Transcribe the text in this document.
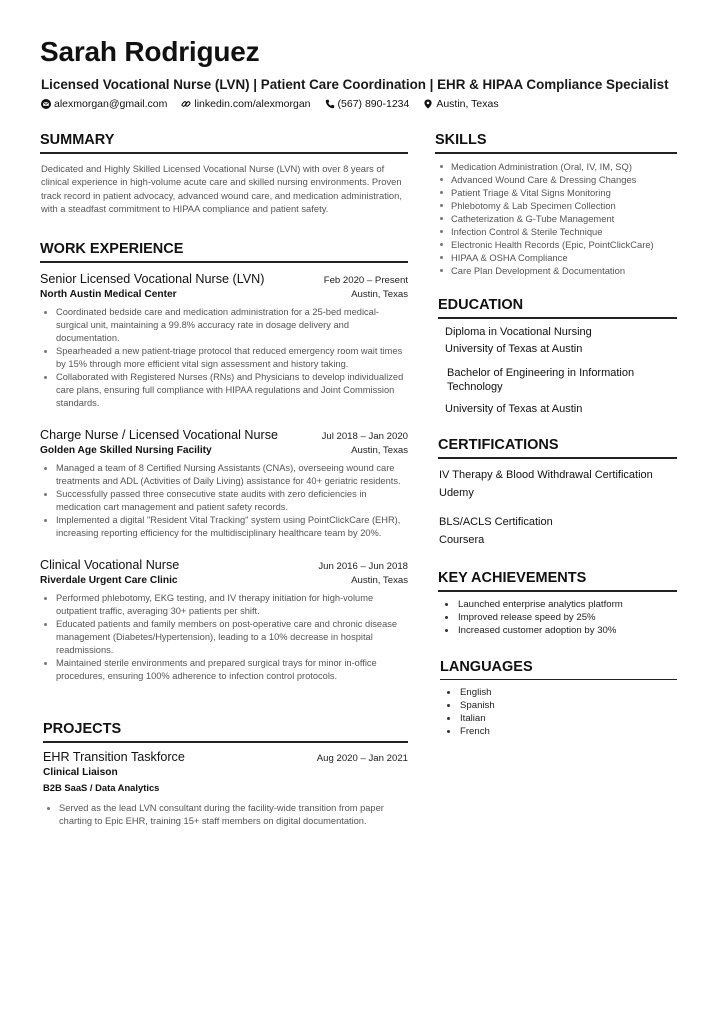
Sarah Rodriguez
Licensed Vocational Nurse (LVN) | Patient Care Coordination | EHR & HIPAA Compliance Specialist
alexmorgan@gmail.com	linkedin.com/alexmorgan	(567) 890-1234	Austin, Texas
SUMMARY

Dedicated and Highly Skilled Licensed Vocational Nurse (LVN) with over 8 years of clinical experience in high-volume acute care and skilled nursing environments. Proven track record in patient advocacy, advanced wound care, and medication administration, with a steadfast commitment to HIPAA compliance and patient safety.

WORK EXPERIENCE
Senior Licensed Vocational Nurse (LVN)	Feb 2020 – Present
North Austin Medical Center	Austin, Texas
Coordinated bedside care and medication administration for a 25-bed medical-surgical unit, maintaining a 99.8% accuracy rate in dosage delivery and documentation.
Spearheaded a new patient-triage protocol that reduced emergency room wait times by 15% through more efficient vital sign assessment and history taking.
Collaborated with Registered Nurses (RNs) and Physicians to develop individualized care plans, ensuring full compliance with HIPAA regulations and Joint Commission standards.
Charge Nurse / Licensed Vocational Nurse	Jul 2018 – Jan 2020
Golden Age Skilled Nursing Facility	Austin, Texas
Managed a team of 8 Certified Nursing Assistants (CNAs), overseeing wound care treatments and ADL (Activities of Daily Living) assistance for 40+ geriatric residents.
Successfully passed three consecutive state audits with zero deficiencies in medication cart management and patient safety records.
Implemented a digital "Resident Vital Tracking" system using PointClickCare (EHR), increasing reporting efficiency for the multidisciplinary healthcare team by 20%.
Clinical Vocational Nurse	Jun 2016 – Jun 2018
Riverdale Urgent Care Clinic	Austin, Texas
Performed phlebotomy, EKG testing, and IV therapy initiation for high-volume outpatient traffic, averaging 30+ patients per shift.
Educated patients and family members on post-operative care and chronic disease management (Diabetes/Hypertension), leading to a 10% decrease in hospital readmissions.
Maintained sterile environments and prepared surgical trays for minor in-office procedures, ensuring 100% adherence to infection control protocols.
PROJECTS
EHR Transition Taskforce	Aug 2020 – Jan 2021
Clinical Liaison
B2B SaaS / Data Analytics
Served as the lead LVN consultant during the facility-wide transition from paper charting to Epic EHR, training 15+ staff members on digital documentation.
SKILLS
Medication Administration (Oral, IV, IM, SQ)
Advanced Wound Care & Dressing Changes
Patient Triage & Vital Signs Monitoring
Phlebotomy & Lab Specimen Collection
Catheterization & G-Tube Management
Infection Control & Sterile Technique
Electronic Health Records (Epic, PointClickCare)
HIPAA & OSHA Compliance
Care Plan Development & Documentation
EDUCATION
Diploma in Vocational Nursing
University of Texas at Austin
Bachelor of Engineering in Information Technology
University of Texas at Austin
CERTIFICATIONS
IV Therapy & Blood Withdrawal Certification
Udemy
BLS/ACLS Certification
Coursera
KEY ACHIEVEMENTS
Launched enterprise analytics platform
Improved release speed by 25%
Increased customer adoption by 30%
LANGUAGES
English
Spanish
Italian
French
